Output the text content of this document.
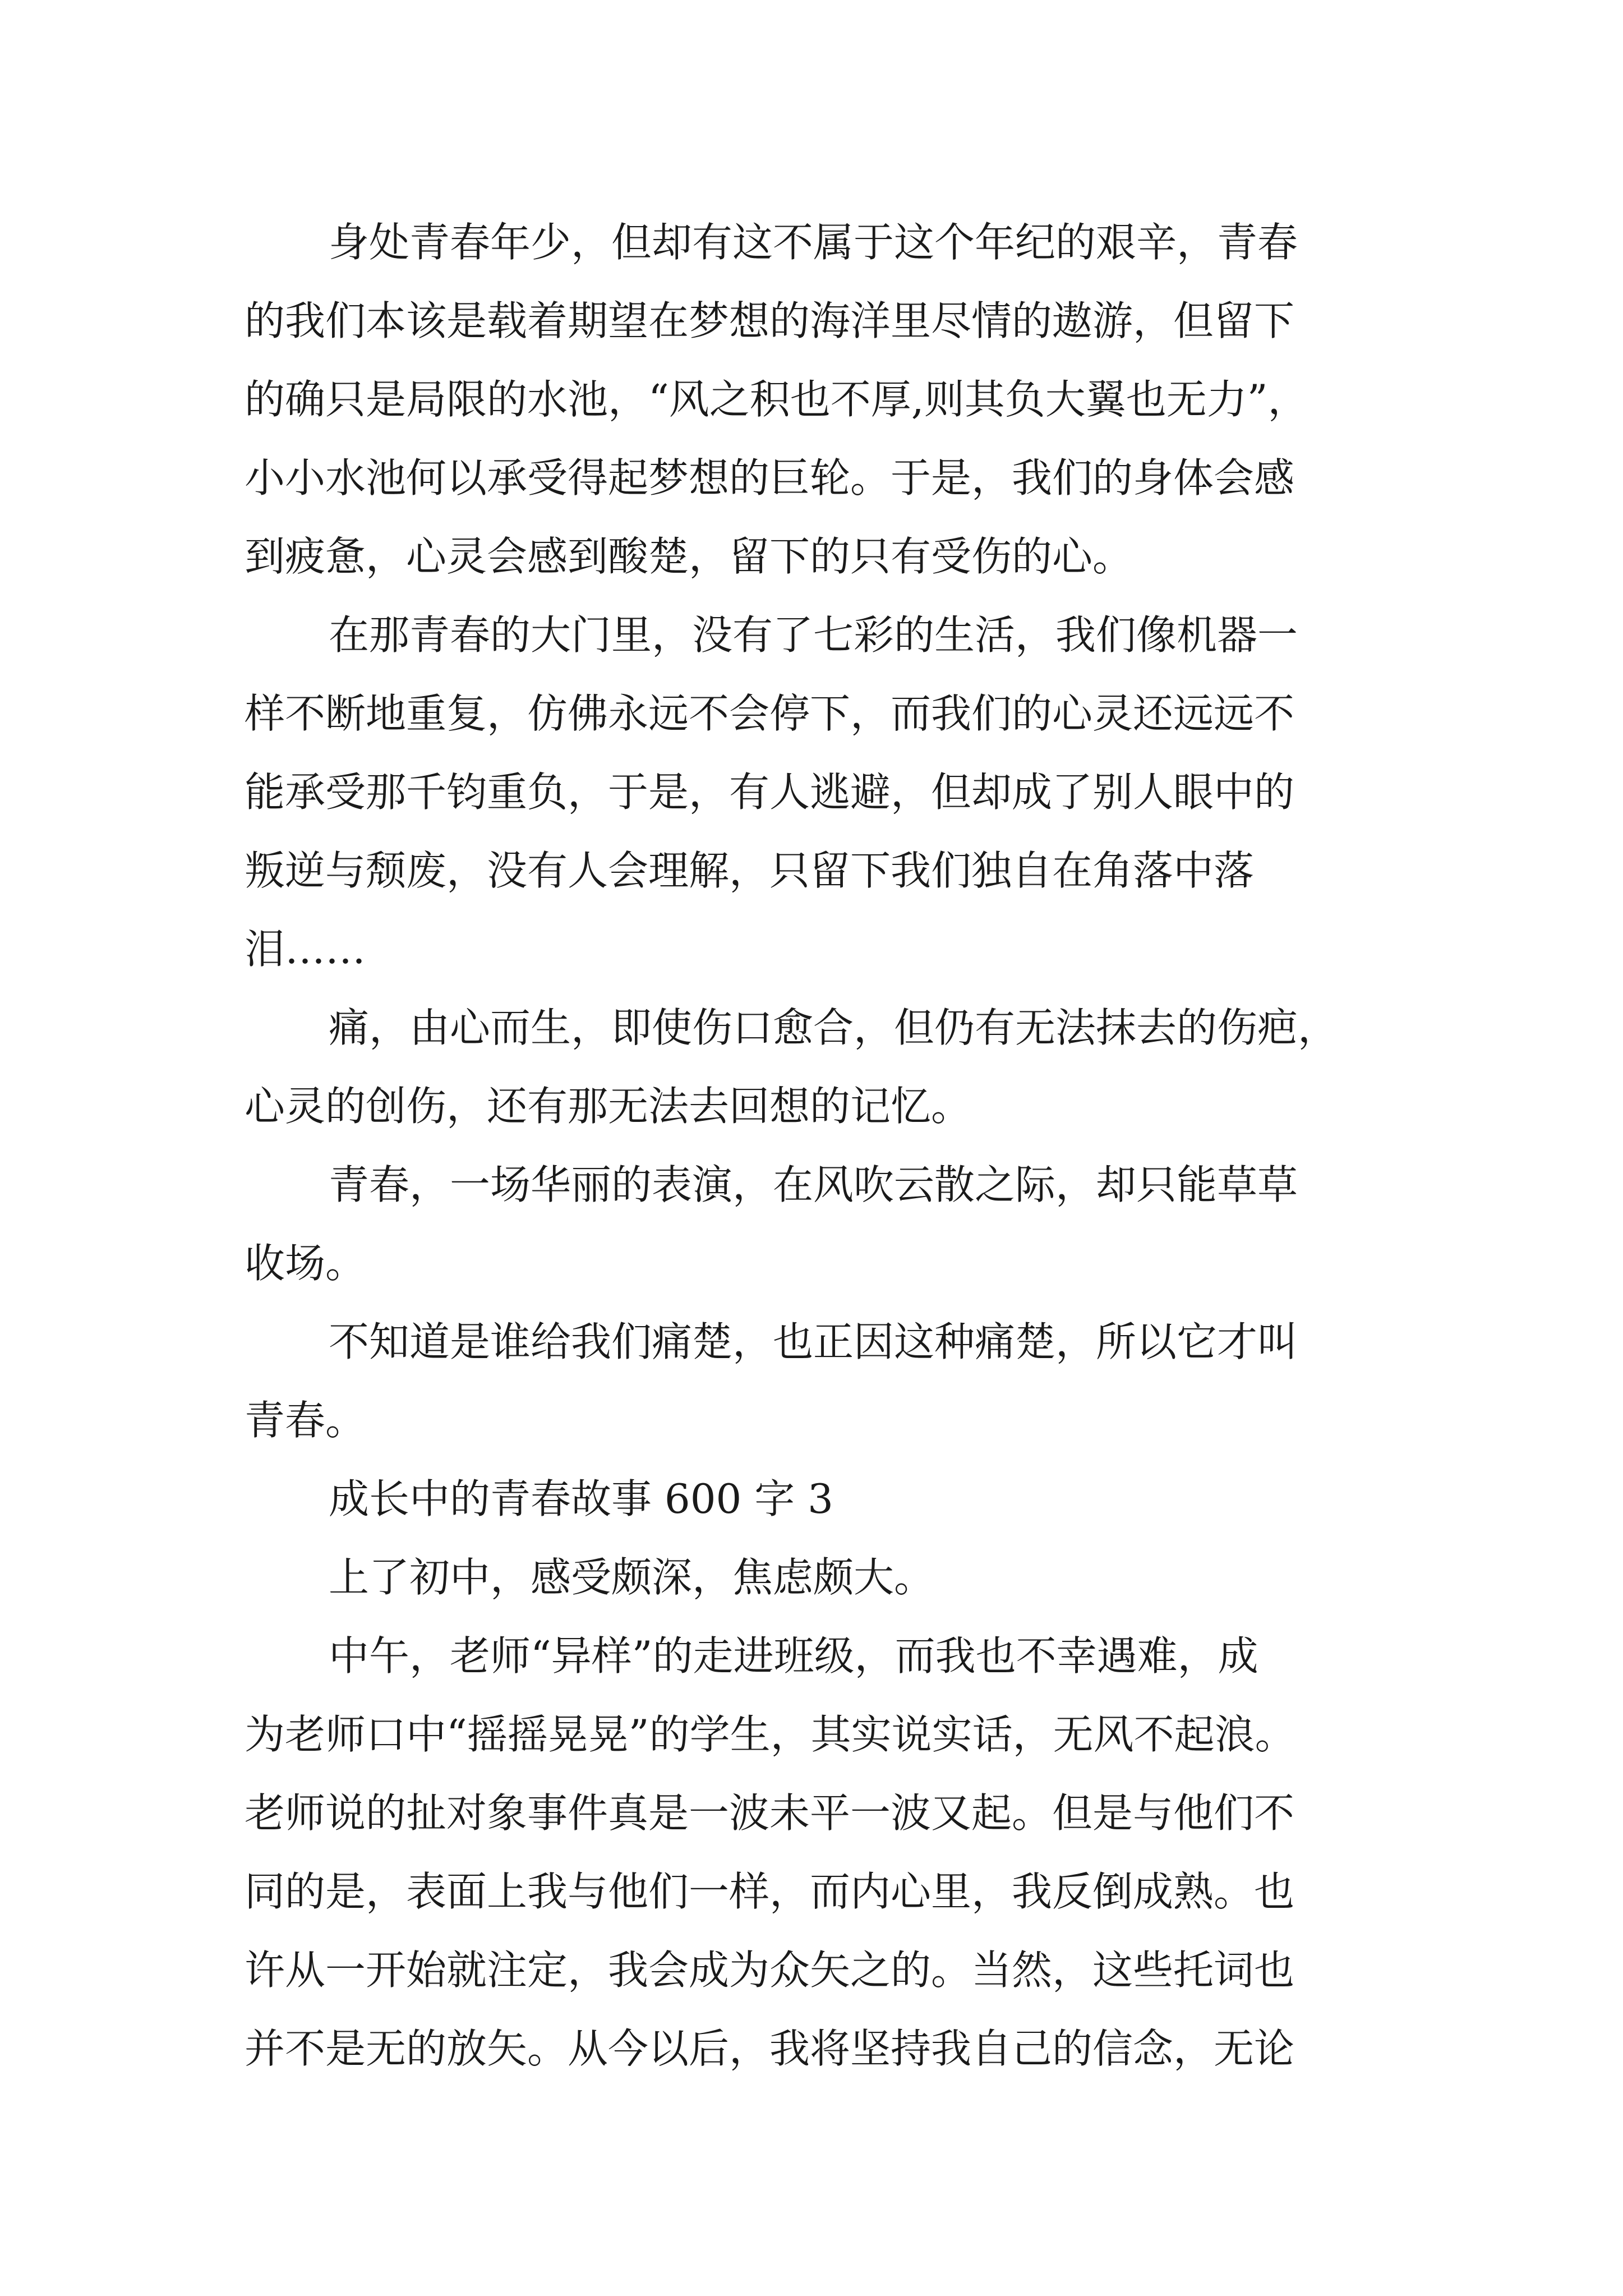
身处青春年少，但却有这不属于这个年纪的艰辛，青春
的我们本该是载着期望在梦想的海洋里尽情的遨游，但留下
的确只是局限的水池，“风之积也不厚,则其负大翼也无力”，
小小水池何以承受得起梦想的巨轮。于是，我们的身体会感
到疲惫，心灵会感到酸楚，留下的只有受伤的心。
在那青春的大门里，没有了七彩的生活，我们像机器一
样不断地重复，仿佛永远不会停下，而我们的心灵还远远不
能承受那千钧重负，于是，有人逃避，但却成了别人眼中的
叛逆与颓废，没有人会理解，只留下我们独自在角落中落
泪……
痛，由心而生，即使伤口愈合，但仍有无法抹去的伤疤，
心灵的创伤，还有那无法去回想的记忆。
青春，一场华丽的表演，在风吹云散之际，却只能草草
收场。
不知道是谁给我们痛楚，也正因这种痛楚，所以它才叫
青春。
成长中的青春故事 600 字 3
上了初中，感受颇深，焦虑颇大。
中午，老师“异样”的走进班级，而我也不幸遇难，成
为老师口中“摇摇晃晃”的学生，其实说实话，无风不起浪。
老师说的扯对象事件真是一波未平一波又起。但是与他们不
同的是，表面上我与他们一样，而内心里，我反倒成熟。也
许从一开始就注定，我会成为众矢之的。当然，这些托词也
并不是无的放矢。从今以后，我将坚持我自己的信念，无论
